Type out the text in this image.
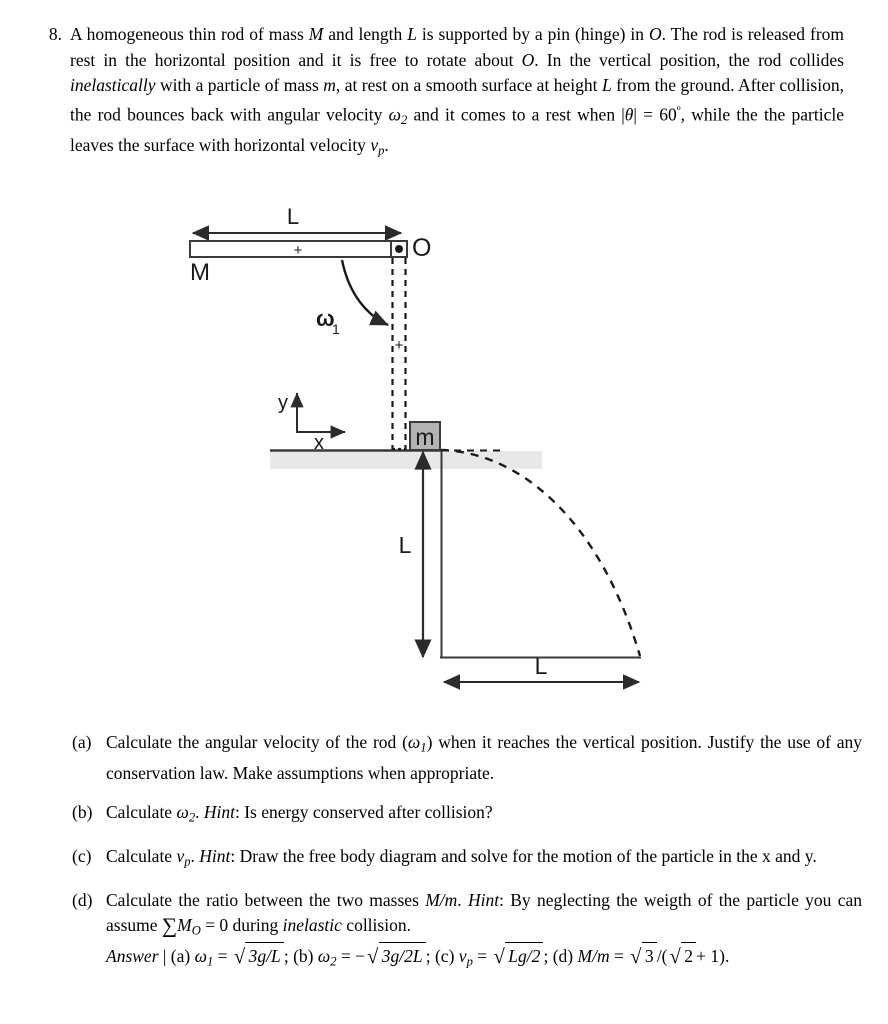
8. A homogeneous thin rod of mass M and length L is supported by a pin (hinge) in O. The rod is released from rest in the horizontal position and it is free to rotate about O. In the vertical position, the rod collides inelastically with a particle of mass m, at rest on a smooth surface at height L from the ground. After collision, the rod bounces back with angular velocity $\omega_2$ and it comes to a rest when $|\theta| = 60^º$, while the the particle leaves the surface with horizontal velocity $v_p$.
L
+
M
O
ω
1
+
y
x	m
L
L
(a) Calculate the angular velocity of the rod $(\omega_1)$ when it reaches the vertical position. Justify the use of any conservation law. Make assumptions when appropriate.
(b) Calculate $\omega_2$. Hint: Is energy conserved after collision?
(c) Calculate $v_p$. Hint: Draw the free body diagram and solve for the motion of the particle in the x and y.
(d) Calculate the ratio between the two masses M/m. Hint: By neglecting the weigth of the particle you can assume $\sum M_O = 0$ during inelastic collision.
Answer | (a) $\omega_1$ = √ 3g/L ; (b) $\omega_2$ = − √ 3g/2L ; (c) $v_p$ = √ Lg/2 ; (d) M/m = √ 3 /( √ 2 + 1).
